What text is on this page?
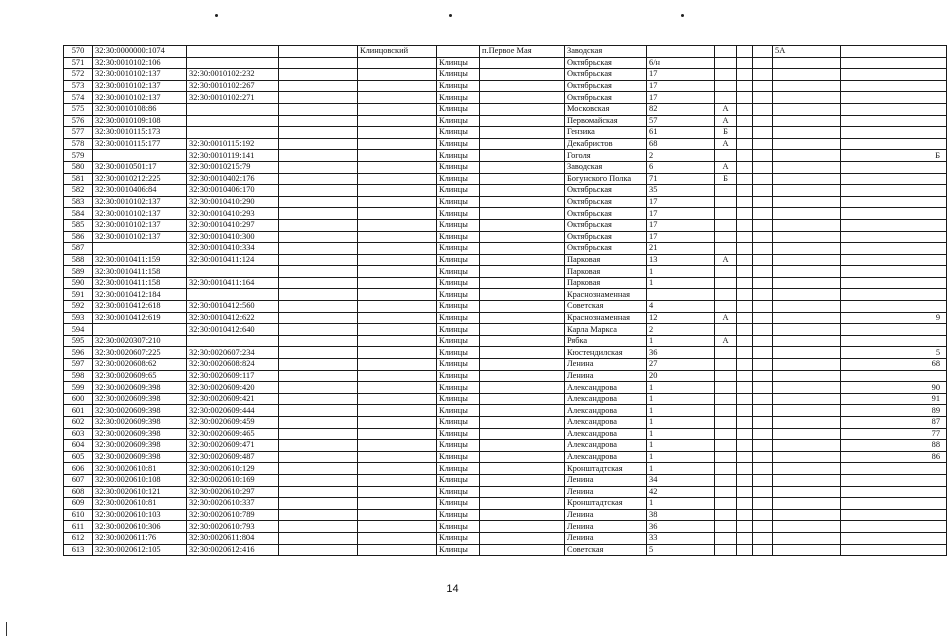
570	32:30:0000000:1074			Клинцовский		п.Первое Мая	Заводская					5А	
571	32:30:0010102:106				Клинцы		Октябрьская	6/н					
572	32:30:0010102:137	32:30:0010102:232			Клинцы		Октябрьская	17					
573	32:30:0010102:137	32:30:0010102:267			Клинцы		Октябрьская	17					
574	32:30:0010102:137	32:30:0010102:271			Клинцы		Октябрьская	17					
575	32:30:0010108:86				Клинцы		Московская	82	А				
576	32:30:0010109:108				Клинцы		Первомайская	57	А				
577	32:30:0010115:173				Клинцы		Гензика	61	Б				
578	32:30:0010115:177	32:30:0010115:192			Клинцы		Декабристов	68	А				
579		32:30:0010119:141			Клинцы		Гоголя	2					Б
580	32:30:0010501:17	32:30:0010215:79			Клинцы		Заводская	6	А				
581	32:30:0010212:225	32:30:0010402:176			Клинцы		Богунского Полка	71	Б				
582	32:30:0010406:84	32:30:0010406:170			Клинцы		Октябрьская	35					
583	32:30:0010102:137	32:30:0010410:290			Клинцы		Октябрьская	17					
584	32:30:0010102:137	32:30:0010410:293			Клинцы		Октябрьская	17					
585	32:30:0010102:137	32:30:0010410:297			Клинцы		Октябрьская	17					
586	32:30:0010102:137	32:30:0010410:300			Клинцы		Октябрьская	17					
587		32:30:0010410:334			Клинцы		Октябрьская	21					
588	32:30:0010411:159	32:30:0010411:124			Клинцы		Парковая	13	А				
589	32:30:0010411:158				Клинцы		Парковая	1					
590	32:30:0010411:158	32:30:0010411:164			Клинцы		Парковая	1					
591	32:30:0010412:184				Клинцы		Краснознаменная						
592	32:30:0010412:618	32:30:0010412:560			Клинцы		Советская	4					
593	32:30:0010412:619	32:30:0010412:622			Клинцы		Краснознаменная	12	А				9
594		32:30:0010412:640			Клинцы		Карла Маркса	2					
595	32:30:0020307:210				Клинцы		Рябка	1	А				
596	32:30:0020607:225	32:30:0020607:234			Клинцы		Кюстендилская	36					5
597	32:30:0020608:62	32:30:0020608:824			Клинцы		Ленина	27					68
598	32:30:0020609:65	32:30:0020609:117			Клинцы		Ленина	20					
599	32:30:0020609:398	32:30:0020609:420			Клинцы		Александрова	1					90
600	32:30:0020609:398	32:30:0020609:421			Клинцы		Александрова	1					91
601	32:30:0020609:398	32:30:0020609:444			Клинцы		Александрова	1					89
602	32:30:0020609:398	32:30:0020609:459			Клинцы		Александрова	1					87
603	32:30:0020609:398	32:30:0020609:465			Клинцы		Александрова	1					77
604	32:30:0020609:398	32:30:0020609:471			Клинцы		Александрова	1					88
605	32:30:0020609:398	32:30:0020609:487			Клинцы		Александрова	1					86
606	32:30:0020610:81	32:30:0020610:129			Клинцы		Кронштадтская	1					
607	32:30:0020610:108	32:30:0020610:169			Клинцы		Ленина	34					
608	32:30:0020610:121	32:30:0020610:297			Клинцы		Ленина	42					
609	32:30:0020610:81	32:30:0020610:337			Клинцы		Кронштадтская	1					
610	32:30:0020610:103	32:30:0020610:789			Клинцы		Ленина	38					
611	32:30:0020610:306	32:30:0020610:793			Клинцы		Ленина	36					
612	32:30:0020611:76	32:30:0020611:804			Клинцы		Ленина	33					
613	32:30:0020612:105	32:30:0020612:416			Клинцы		Советская	5					
14
